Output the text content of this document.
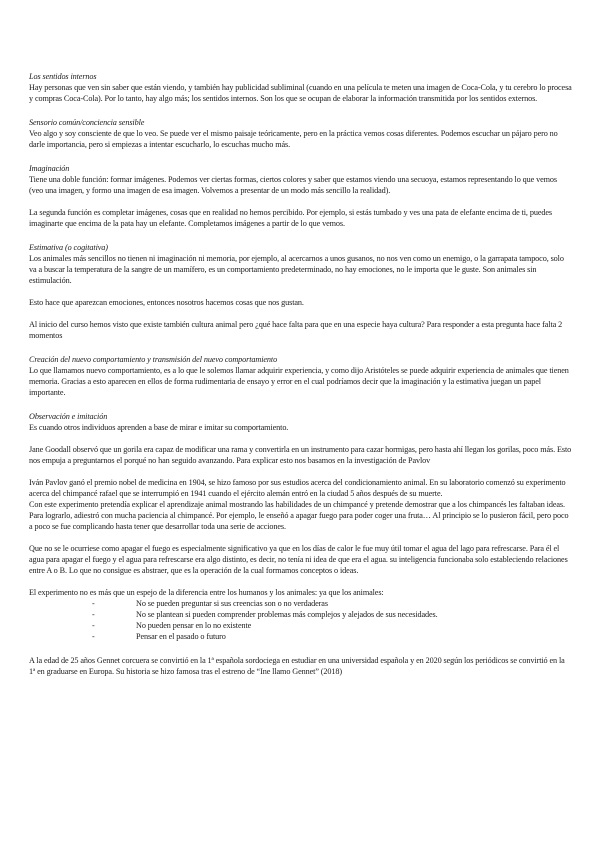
Los sentidos internos

Hay personas que ven sin saber que están viendo, y también hay publicidad subliminal (cuando en una película te meten una imagen de Coca-Cola, y tu cerebro lo procesa y compras Coca-Cola). Por lo tanto, hay algo más; los sentidos internos. Son los que se ocupan de elaborar la información transmitida por los sentidos externos.

Sensorio común/conciencia sensible

Veo algo y soy consciente de que lo veo. Se puede ver el mismo paisaje teóricamente, pero en la práctica vemos cosas diferentes. Podemos escuchar un pájaro pero no darle importancia, pero si empiezas a intentar escucharlo, lo escuchas mucho más.

Imaginación

Tiene una doble función: formar imágenes. Podemos ver ciertas formas, ciertos colores y saber que estamos viendo una secuoya, estamos representando lo que vemos (veo una imagen, y formo una imagen de esa imagen. Volvemos a presentar de un modo más sencillo la realidad).

La segunda función es completar imágenes, cosas que en realidad no hemos percibido. Por ejemplo, si estás tumbado y ves una pata de elefante encima de ti, puedes imaginarte que encima de la pata hay un elefante. Completamos imágenes a partir de lo que vemos.

Estimativa (o cogitativa)

Los animales más sencillos no tienen ni imaginación ni memoria, por ejemplo, al acercarnos a unos gusanos, no nos ven como un enemigo, o la garrapata tampoco, solo va a buscar la temperatura de la sangre de un mamífero, es un comportamiento predeterminado, no hay emociones, no le importa que le guste. Son animales sin estimulación.

Esto hace que aparezcan emociones, entonces nosotros hacemos cosas que nos gustan.

Al inicio del curso hemos visto que existe también cultura animal pero ¿qué hace falta para que en una especie haya cultura? Para responder a esta pregunta hace falta 2 momentos

Creación del nuevo comportamiento y transmisión del nuevo comportamiento

Lo que llamamos nuevo comportamiento, es a lo que le solemos llamar adquirir experiencia, y como dijo Aristóteles se puede adquirir experiencia de animales que tienen memoria. Gracias a esto aparecen en ellos de forma rudimentaria de ensayo y error en el cual podríamos decir que la imaginación y la estimativa juegan un papel importante.

Observación e imitación

Es cuando otros individuos aprenden a base de mirar e imitar su comportamiento.

Jane Goodall observó que un gorila era capaz de modificar una rama y convertirla en un instrumento para cazar hormigas, pero hasta ahí llegan los gorilas, poco más. Esto nos empuja a preguntarnos el porqué no han seguido avanzando. Para explicar esto nos basamos en la investigación de Pavlov

Iván Pavlov ganó el premio nobel de medicina en 1904, se hizo famoso por sus estudios acerca del condicionamiento animal. En su laboratorio comenzó su experimento acerca del chimpancé rafael que se interrumpió en 1941 cuando el ejército alemán entró en la ciudad 5 años después de su muerte.

Con este experimento pretendía explicar el aprendizaje animal mostrando las habilidades de un chimpancé y pretende demostrar que a los chimpancés les faltaban ideas. Para lograrlo, adiestró con mucha paciencia al chimpancé. Por ejemplo, le enseñó a apagar fuego para poder coger una fruta… Al principio se lo pusieron fácil, pero poco a poco se fue complicando hasta tener que desarrollar toda una serie de acciones.

Que no se le ocurriese como apagar el fuego es especialmente significativo ya que en los días de calor le fue muy útil tomar el agua del lago para refrescarse. Para él el agua para apagar el fuego y el agua para refrescarse era algo distinto, es decir, no tenía ni idea de que era el agua. su inteligencia funcionaba solo estableciendo relaciones entre A o B. Lo que no consigue es abstraer, que es la operación de la cual formamos conceptos o ideas.

El experimento no es más que un espejo de la diferencia entre los humanos y los animales: ya que los animales:

-	No se pueden preguntar si sus creencias son o no verdaderas
-	No se plantean si pueden comprender problemas más complejos y alejados de sus necesidades.
-	No pueden pensar en lo no existente
-	Pensar en el pasado o futuro

A la edad de 25 años Gennet corcuera se convirtió en la 1ª española sordociega en estudiar en una universidad española y en 2020 según los periódicos se convirtió en la 1ª en graduarse en Europa. Su historia se hizo famosa tras el estreno de “Ine llamo Gennet” (2018)
